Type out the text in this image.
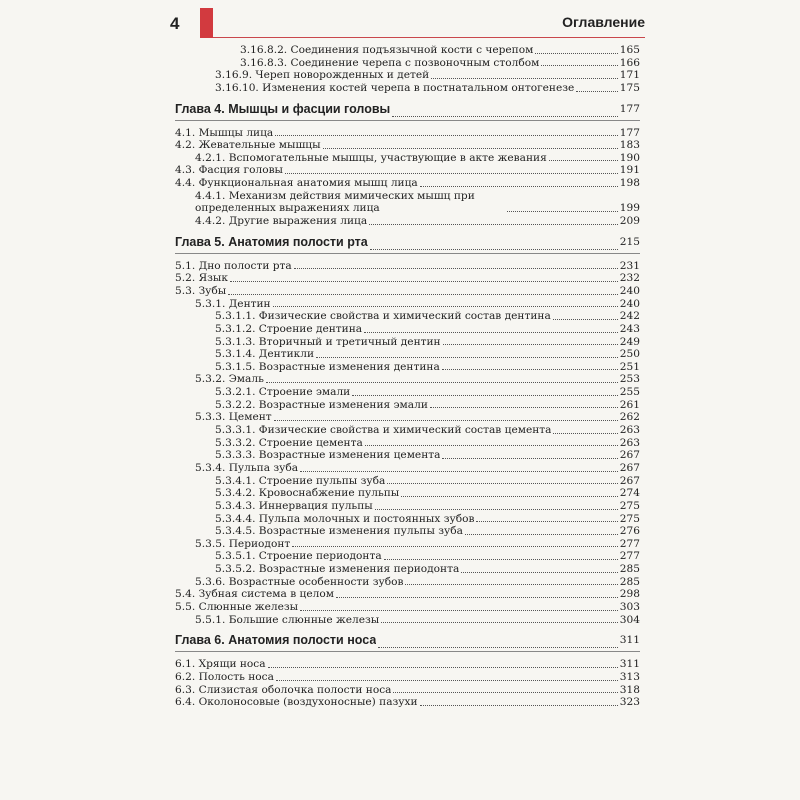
4	Оглавление
3.16.8.2. Соединения подъязычной кости с черепом	165
3.16.8.3. Соединение черепа с позвоночным столбом	166
3.16.9. Череп новорожденных и детей	171
3.16.10. Изменения костей черепа в постнатальном онтогенезе	175
Глава 4. Мышцы и фасции головы	177
4.1. Мышцы лица	177
4.2. Жевательные мышцы	183
4.2.1. Вспомогательные мышцы, участвующие в акте жевания	190
4.3. Фасция головы	191
4.4. Функциональная анатомия мышц лица	198
4.4.1. Механизм действия мимических мышц при определенных выражениях лица	199
4.4.2. Другие выражения лица	209
Глава 5. Анатомия полости рта	215
5.1. Дно полости рта	231
5.2. Язык	232
5.3. Зубы	240
5.3.1. Дентин	240
5.3.1.1. Физические свойства и химический состав дентина	242
5.3.1.2. Строение дентина	243
5.3.1.3. Вторичный и третичный дентин	249
5.3.1.4. Дентикли	250
5.3.1.5. Возрастные изменения дентина	251
5.3.2. Эмаль	253
5.3.2.1. Строение эмали	255
5.3.2.2. Возрастные изменения эмали	261
5.3.3. Цемент	262
5.3.3.1. Физические свойства и химический состав цемента	263
5.3.3.2. Строение цемента	263
5.3.3.3. Возрастные изменения цемента	267
5.3.4. Пульпа зуба	267
5.3.4.1. Строение пульпы зуба	267
5.3.4.2. Кровоснабжение пульпы	274
5.3.4.3. Иннервация пульпы	275
5.3.4.4. Пульпа молочных и постоянных зубов	275
5.3.4.5. Возрастные изменения пульпы зуба	276
5.3.5. Периодонт	277
5.3.5.1. Строение периодонта	277
5.3.5.2. Возрастные изменения периодонта	285
5.3.6. Возрастные особенности зубов	285
5.4. Зубная система в целом	298
5.5. Слюнные железы	303
5.5.1. Большие слюнные железы	304
Глава 6. Анатомия полости носа	311
6.1. Хрящи носа	311
6.2. Полость носа	313
6.3. Слизистая оболочка полости носа	318
6.4. Околоносовые (воздухоносные) пазухи	323
